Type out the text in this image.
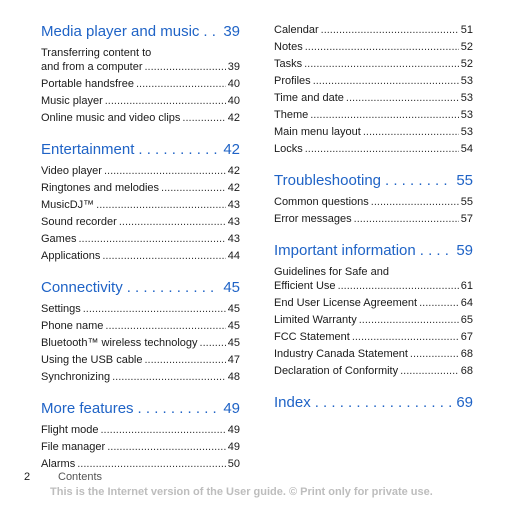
Media player and music . . . 39
Transferring content to
and from a computer .....	39
Portable handsfree .....	40
Music player .....	40
Online music and video clips .....	42
Entertainment . . .	42
Video player .....	42
Ringtones and melodies .....	42
MusicDJ™ .....	43
Sound recorder .....	43
Games .....	43
Applications .....	44
Connectivity . . .	45
Settings .....	45
Phone name .....	45
Bluetooth™ wireless technology .....	45
Using the USB cable .....	47
Synchronizing .....	48
More features . . .	49
Flight mode .....	49
File manager .....	49
Alarms .....	50
Calendar .....	51
Notes .....	52
Tasks .....	52
Profiles .....	53
Time and date .....	53
Theme .....	53
Main menu layout .....	53
Locks .....	54
Troubleshooting . . .	55
Common questions .....	55
Error messages .....	57
Important information . . .	59
Guidelines for Safe and
Efficient Use .....	61
End User License Agreement .....	64
Limited Warranty .....	65
FCC Statement .....	67
Industry Canada Statement .....	68
Declaration of Conformity .....	68
Index . . .	69
2	Contents
This is the Internet version of the User guide. © Print only for private use.
